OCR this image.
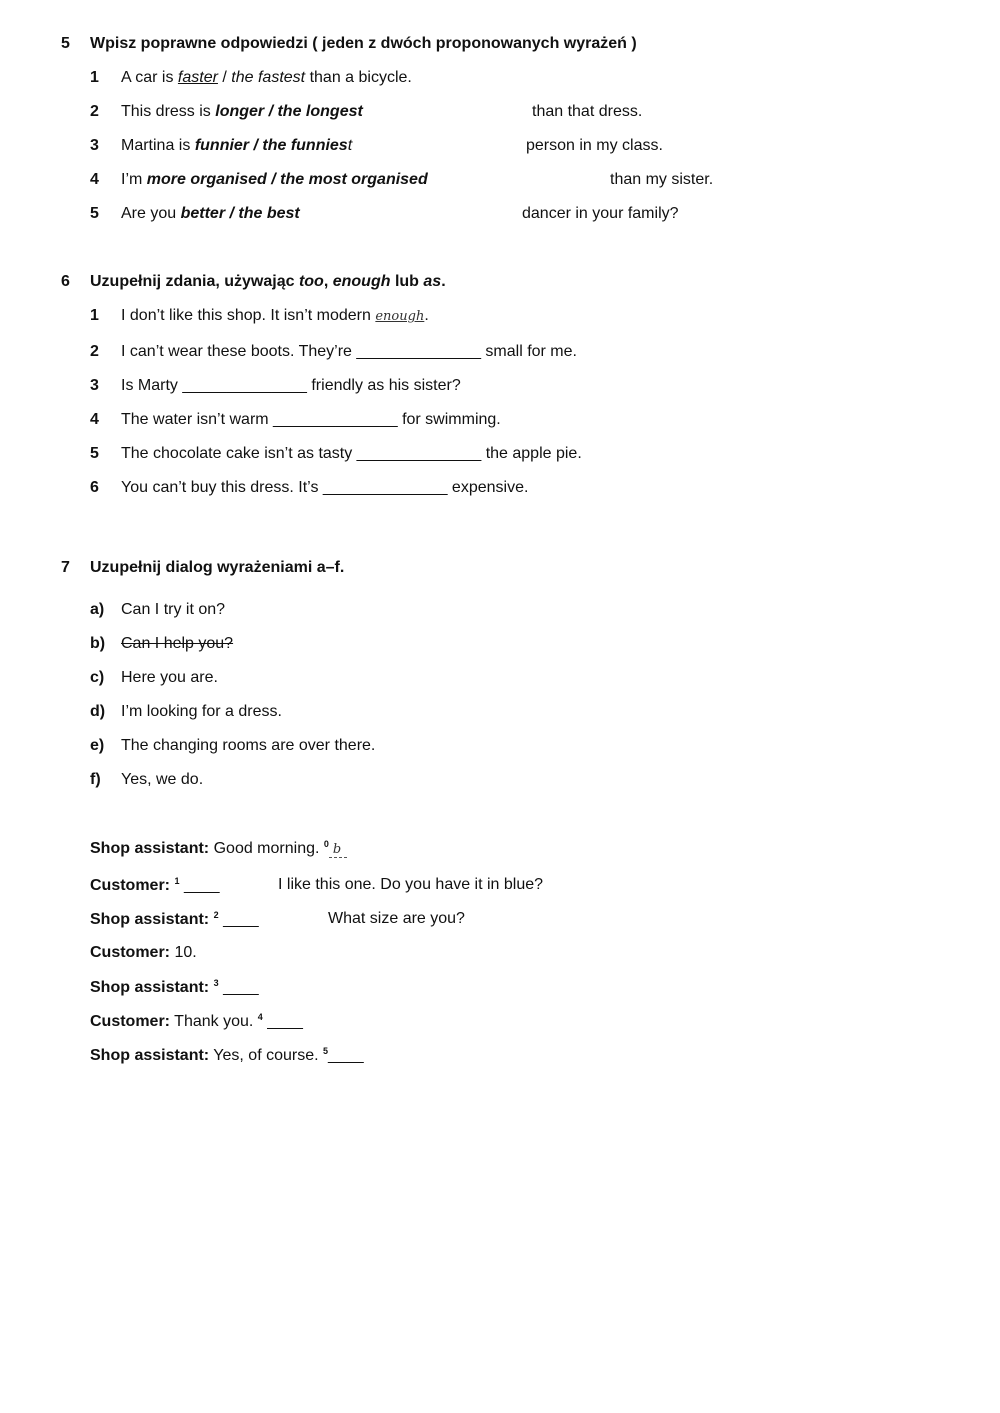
5 Wpisz poprawne odpowiedzi ( jeden z dwóch proponowanych wyrażeń )
1 A car is faster / the fastest than a bicycle.
2 This dress is longer / the longest	than that dress.
3 Martina is funnier / the funniest	person in my class.
4 I’m more organised / the most organised	than my sister.
5 Are you better / the best	dancer in your family?
6 Uzupełnij zdania, używając too, enough lub as.
1 I don’t like this shop. It isn’t modern enough.
2 I can’t wear these boots. They’re ______________ small for me.
3 Is Marty ______________ friendly as his sister?
4 The water isn’t warm ______________ for swimming.
5 The chocolate cake isn’t as tasty ______________ the apple pie.
6 You can’t buy this dress. It’s ______________ expensive.
7 Uzupełnij dialog wyrażeniami a–f.
a) Can I try it on?
b) Can I help you?
c) Here you are.
d) I’m looking for a dress.
e) The changing rooms are over there.
f) Yes, we do.
Shop assistant: Good morning. $^0$ b
Customer: $^1$ ____	I like this one. Do you have it in blue?
Shop assistant: $^2$ ____	What size are you?
Customer: 10.
Shop assistant: $^3$ ____
Customer: Thank you. $^4$ ____
Shop assistant: Yes, of course. $^5$____
